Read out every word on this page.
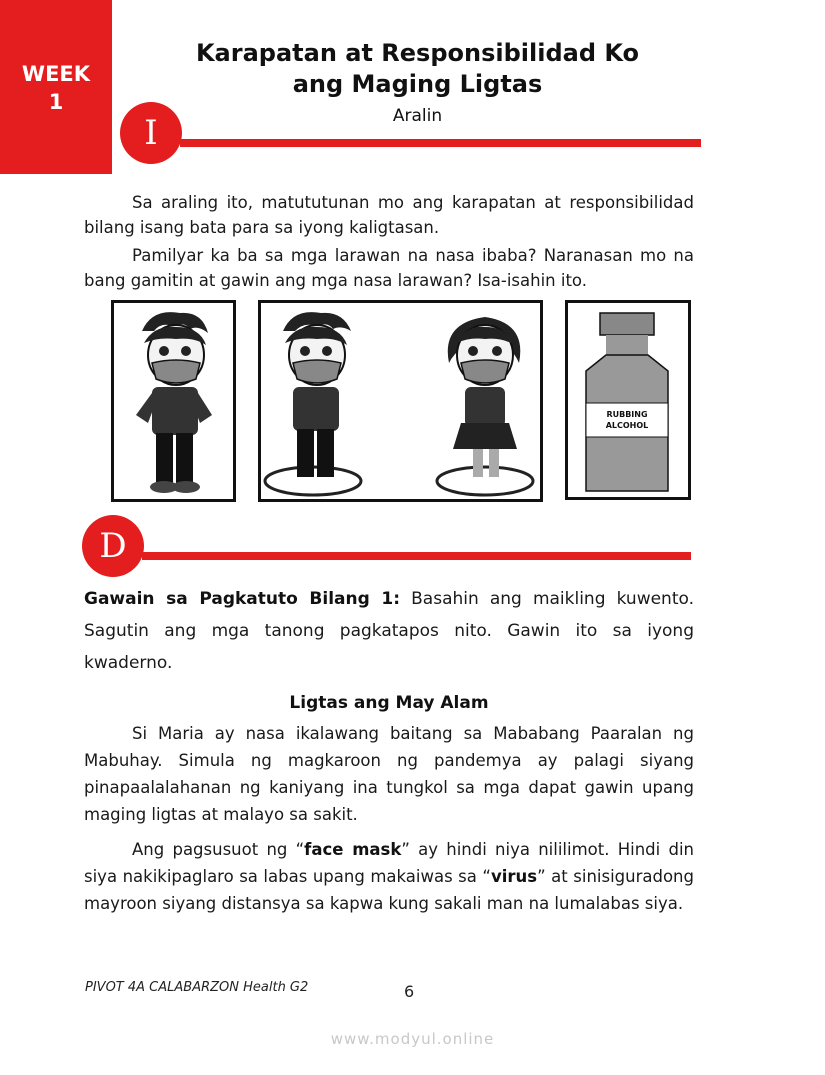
WEEK
1
Karapatan at Responsibilidad Ko
ang Maging Ligtas
Aralin
I
Sa araling ito, matututunan mo ang karapatan at responsibilidad bilang isang bata para sa iyong kaligtasan.
Pamilyar ka ba sa mga larawan na nasa ibaba? Naranasan mo na bang gamitin at gawin ang mga nasa larawan? Isa-isahin ito.
RUBBING
ALCOHOL
D
Gawain sa Pagkatuto Bilang 1: Basahin ang maikling kuwento. Sagutin ang mga tanong pagkatapos nito. Gawin ito sa iyong kwaderno.
Ligtas ang May Alam
Si Maria ay nasa ikalawang baitang sa Mababang Paaralan ng Mabuhay. Simula ng magkaroon ng pandemya ay palagi siyang pinapaalalahanan ng kaniyang ina tungkol sa mga dapat gawin upang maging ligtas at malayo sa sakit.
Ang pagsusuot ng “face mask” ay hindi niya nililimot. Hindi din siya nakikipaglaro sa labas upang makaiwas sa “virus” at sinisiguradong mayroon siyang distansya sa kapwa kung sakali man na lumalabas siya.
PIVOT 4A CALABARZON Health G2	6
www.modyul.online
